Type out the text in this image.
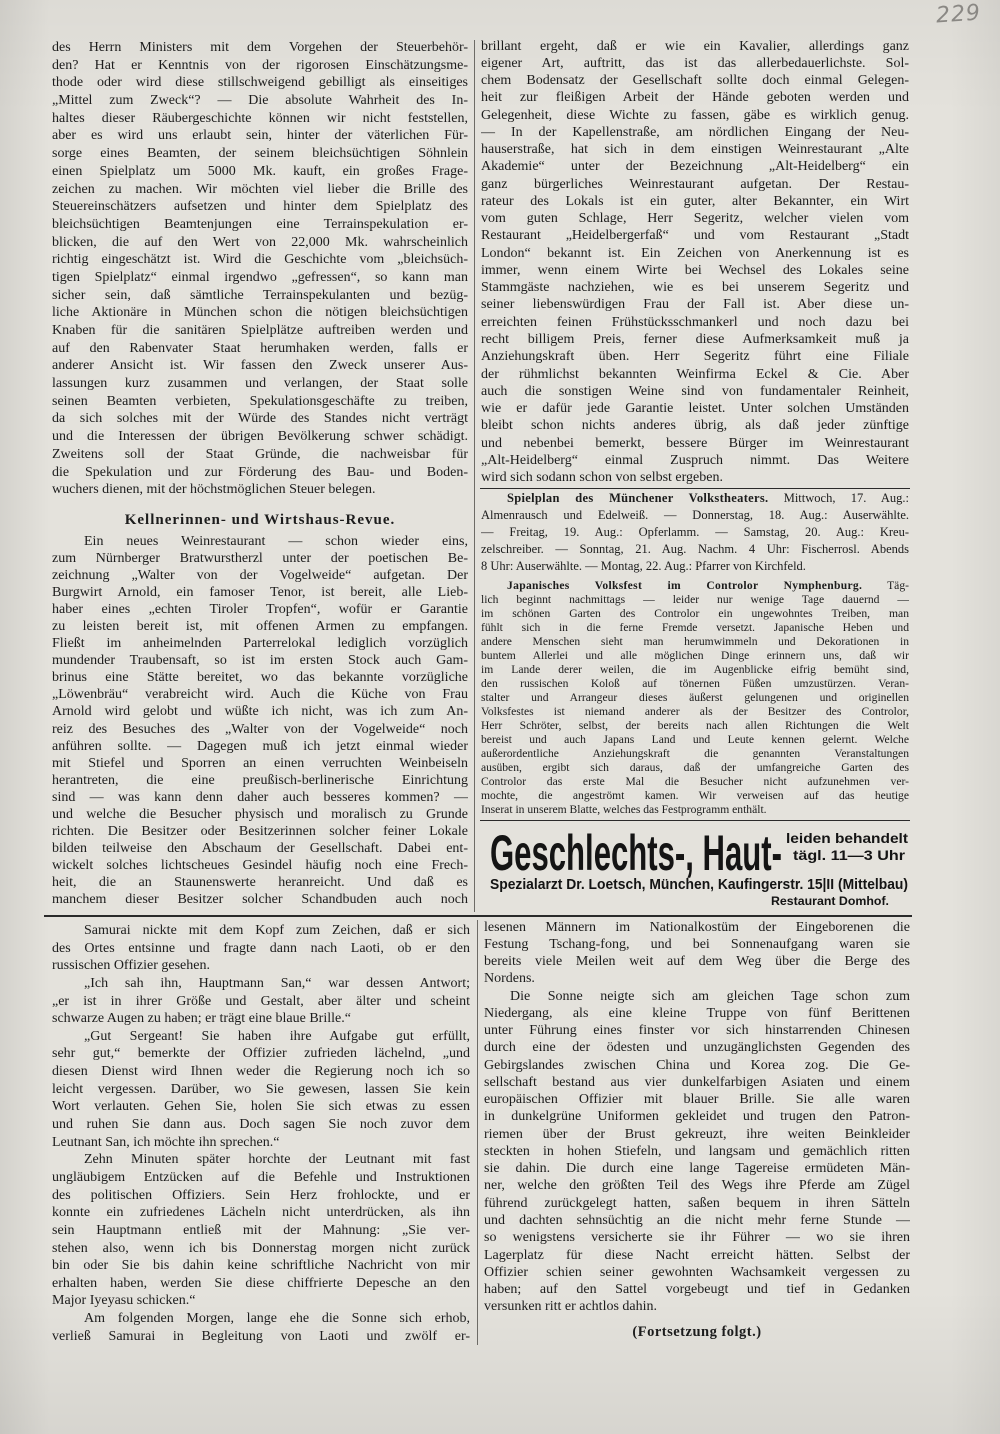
229
des Herrn Ministers mit dem Vorgehen der Steuerbehör-
den? Hat er Kenntnis von der rigorosen Einschätzungsme-
thode oder wird diese stillschweigend gebilligt als einseitiges
„Mittel zum Zweck“? — Die absolute Wahrheit des In-
haltes dieser Räubergeschichte können wir nicht feststellen,
aber es wird uns erlaubt sein, hinter der väterlichen Für-
sorge eines Beamten, der seinem bleichsüchtigen Söhnlein
einen Spielplatz um 5000 Mk. kauft, ein großes Frage-
zeichen zu machen. Wir möchten viel lieber die Brille des
Steuereinschätzers aufsetzen und hinter dem Spielplatz des
bleichsüchtigen Beamtenjungen eine Terrainspekulation er-
blicken, die auf den Wert von 22,000 Mk. wahrscheinlich
richtig eingeschätzt ist. Wird die Geschichte vom „bleichsüch-
tigen Spielplatz“ einmal irgendwo „gefressen“, so kann man
sicher sein, daß sämtliche Terrainspekulanten und bezüg-
liche Aktionäre in München schon die nötigen bleichsüchtigen
Knaben für die sanitären Spielplätze auftreiben werden und
auf den Rabenvater Staat herumhaken werden, falls er
anderer Ansicht ist. Wir fassen den Zweck unserer Aus-
lassungen kurz zusammen und verlangen, der Staat solle
seinen Beamten verbieten, Spekulationsgeschäfte zu treiben,
da sich solches mit der Würde des Standes nicht verträgt
und die Interessen der übrigen Bevölkerung schwer schädigt.
Zweitens soll der Staat Gründe, die nachweisbar für
die Spekulation und zur Förderung des Bau- und Boden-
wuchers dienen, mit der höchstmöglichen Steuer belegen.
Kellnerinnen- und Wirtshaus-Revue.
Ein neues Weinrestaurant — schon wieder eins,
zum Nürnberger Bratwurstherzl unter der poetischen Be-
zeichnung „Walter von der Vogelweide“ aufgetan. Der
Burgwirt Arnold, ein famoser Tenor, ist bereit, alle Lieb-
haber eines „echten Tiroler Tropfen“, wofür er Garantie
zu leisten bereit ist, mit offenen Armen zu empfangen.
Fließt im anheimelnden Parterrelokal lediglich vorzüglich
mundender Traubensaft, so ist im ersten Stock auch Gam-
brinus eine Stätte bereitet, wo das bekannte vorzügliche
„Löwenbräu“ verabreicht wird. Auch die Küche von Frau
Arnold wird gelobt und wüßte ich nicht, was ich zum An-
reiz des Besuches des „Walter von der Vogelweide“ noch
anführen sollte. — Dagegen muß ich jetzt einmal wieder
mit Stiefel und Sporren an einen verruchten Weinbeiseln
herantreten, die eine preußisch-berlinerische Einrichtung
sind — was kann denn daher auch besseres kommen? —
und welche die Besucher physisch und moralisch zu Grunde
richten. Die Besitzer oder Besitzerinnen solcher feiner Lokale
bilden teilweise den Abschaum der Gesellschaft. Dabei ent-
wickelt solches lichtscheues Gesindel häufig noch eine Frech-
heit, die an Staunenswerte heranreicht. Und daß es
manchem dieser Besitzer solcher Schandbuden auch noch
brillant ergeht, daß er wie ein Kavalier, allerdings ganz
eigener Art, auftritt, das ist das allerbedauerlichste. Sol-
chem Bodensatz der Gesellschaft sollte doch einmal Gelegen-
heit zur fleißigen Arbeit der Hände geboten werden und
Gelegenheit, diese Wichte zu fassen, gäbe es wirklich genug.
— In der Kapellenstraße, am nördlichen Eingang der Neu-
hauserstraße, hat sich in dem einstigen Weinrestaurant „Alte
Akademie“ unter der Bezeichnung „Alt-Heidelberg“ ein
ganz bürgerliches Weinrestaurant aufgetan. Der Restau-
rateur des Lokals ist ein guter, alter Bekannter, ein Wirt
vom guten Schlage, Herr Segeritz, welcher vielen vom
Restaurant „Heidelbergerfaß“ und vom Restaurant „Stadt
London“ bekannt ist. Ein Zeichen von Anerkennung ist es
immer, wenn einem Wirte bei Wechsel des Lokales seine
Stammgäste nachziehen, wie es bei unserem Segeritz und
seiner liebenswürdigen Frau der Fall ist. Aber diese un-
erreichten feinen Frühstücksschmankerl und noch dazu bei
recht billigem Preis, ferner diese Aufmerksamkeit muß ja
Anziehungskraft üben. Herr Segeritz führt eine Filiale
der rühmlichst bekannten Weinfirma Eckel & Cie. Aber
auch die sonstigen Weine sind von fundamentaler Reinheit,
wie er dafür jede Garantie leistet. Unter solchen Umständen
bleibt schon nichts anderes übrig, als daß jeder zünftige
und nebenbei bemerkt, bessere Bürger im Weinrestaurant
„Alt-Heidelberg“ einmal Zuspruch nimmt. Das Weitere
wird sich sodann schon von selbst ergeben.
Spielplan des Münchener Volkstheaters. Mittwoch, 17. Aug.:
Almenrausch und Edelweiß. — Donnerstag, 18. Aug.: Auserwählte.
— Freitag, 19. Aug.: Opferlamm. — Samstag, 20. Aug.: Kreu-
zelschreiber. — Sonntag, 21. Aug. Nachm. 4 Uhr: Fischerrosl. Abends
8 Uhr: Auserwählte. — Montag, 22. Aug.: Pfarrer von Kirchfeld.
Japanisches Volksfest im Controlor Nymphenburg. Täg-
lich beginnt nachmittags — leider nur wenige Tage dauernd —
im schönen Garten des Controlor ein ungewohntes Treiben, man
fühlt sich in die ferne Fremde versetzt. Japanische Heben und
andere Menschen sieht man herumwimmeln und Dekorationen in
buntem Allerlei und alle möglichen Dinge erinnern uns, daß wir
im Lande derer weilen, die im Augenblicke eifrig bemüht sind,
den russischen Koloß auf tönernen Füßen umzustürzen. Veran-
stalter und Arrangeur dieses äußerst gelungenen und originellen
Volksfestes ist niemand anderer als der Besitzer des Controlor,
Herr Schröter, selbst, der bereits nach allen Richtungen die Welt
bereist und auch Japans Land und Leute kennen gelernt. Welche
außerordentliche Anziehungskraft die genannten Veranstaltungen
ausüben, ergibt sich daraus, daß der umfangreiche Garten des
Controlor das erste Mal die Besucher nicht aufzunehmen ver-
mochte, die angeströmt kamen. Wir verweisen auf das heutige
Inserat in unserem Blatte, welches das Festprogramm enthält.
Geschlechts-, Haut- leiden behandelt
tägl. 11—3 Uhr
Spezialarzt Dr. Loetsch, München, Kaufingerstr. 15|II (Mittelbau)
Restaurant Domhof.
Samurai nickte mit dem Kopf zum Zeichen, daß er sich
des Ortes entsinne und fragte dann nach Laoti, ob er den
russischen Offizier gesehen.
„Ich sah ihn, Hauptmann San,“ war dessen Antwort;
„er ist in ihrer Größe und Gestalt, aber älter und scheint
schwarze Augen zu haben; er trägt eine blaue Brille.“
„Gut Sergeant! Sie haben ihre Aufgabe gut erfüllt,
sehr gut,“ bemerkte der Offizier zufrieden lächelnd, „und
diesen Dienst wird Ihnen weder die Regierung noch ich so
leicht vergessen. Darüber, wo Sie gewesen, lassen Sie kein
Wort verlauten. Gehen Sie, holen Sie sich etwas zu essen
und ruhen Sie dann aus. Doch sagen Sie noch zuvor dem
Leutnant San, ich möchte ihn sprechen.“
Zehn Minuten später horchte der Leutnant mit fast
ungläubigem Entzücken auf die Befehle und Instruktionen
des politischen Offiziers. Sein Herz frohlockte, und er
konnte ein zufriedenes Lächeln nicht unterdrücken, als ihn
sein Hauptmann entließ mit der Mahnung: „Sie ver-
stehen also, wenn ich bis Donnerstag morgen nicht zurück
bin oder Sie bis dahin keine schriftliche Nachricht von mir
erhalten haben, werden Sie diese chiffrierte Depesche an den
Major Iyeyasu schicken.“
Am folgenden Morgen, lange ehe die Sonne sich erhob,
verließ Samurai in Begleitung von Laoti und zwölf er-
lesenen Männern im Nationalkostüm der Eingeborenen die
Festung Tschang-fong, und bei Sonnenaufgang waren sie
bereits viele Meilen weit auf dem Weg über die Berge des
Nordens.
Die Sonne neigte sich am gleichen Tage schon zum
Niedergang, als eine kleine Truppe von fünf Berittenen
unter Führung eines finster vor sich hinstarrenden Chinesen
durch eine der ödesten und unzugänglichsten Gegenden des
Gebirgslandes zwischen China und Korea zog. Die Ge-
sellschaft bestand aus vier dunkelfarbigen Asiaten und einem
europäischen Offizier mit blauer Brille. Sie alle waren
in dunkelgrüne Uniformen gekleidet und trugen den Patron-
riemen über der Brust gekreuzt, ihre weiten Beinkleider
steckten in hohen Stiefeln, und langsam und gemächlich ritten
sie dahin. Die durch eine lange Tagereise ermüdeten Män-
ner, welche den größten Teil des Wegs ihre Pferde am Zügel
führend zurückgelegt hatten, saßen bequem in ihren Sätteln
und dachten sehnsüchtig an die nicht mehr ferne Stunde —
so wenigstens versicherte sie ihr Führer — wo sie ihren
Lagerplatz für diese Nacht erreicht hätten. Selbst der
Offizier schien seiner gewohnten Wachsamkeit vergessen zu
haben; auf den Sattel vorgebeugt und tief in Gedanken
versunken ritt er achtlos dahin.
(Fortsetzung folgt.)
